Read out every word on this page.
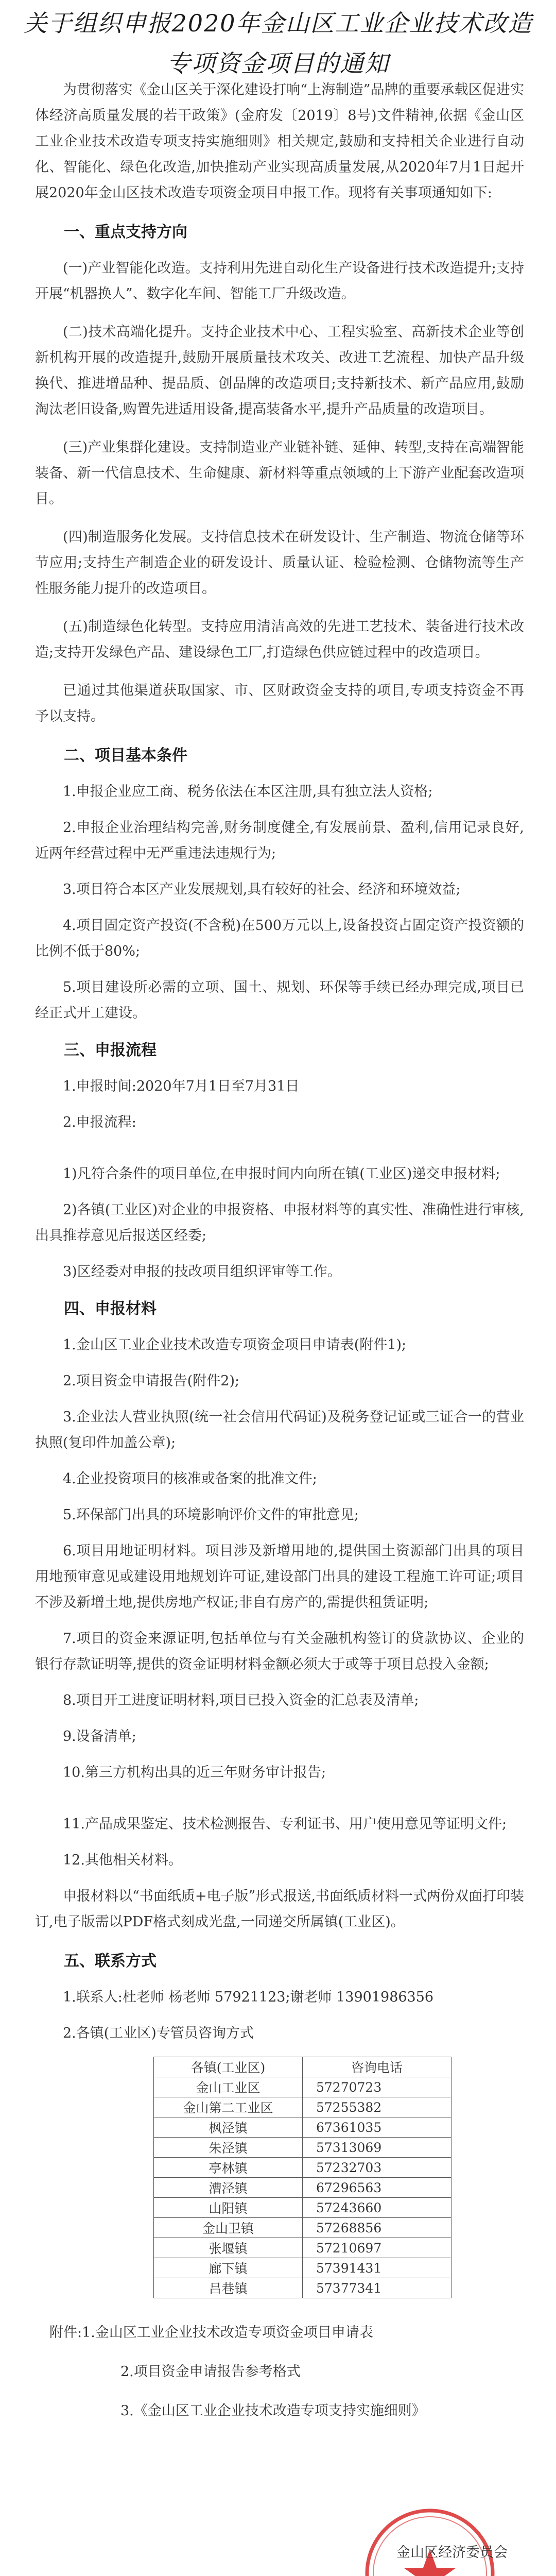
关于组织申报2020年金山区工业企业技术改造
专项资金项目的通知

为贯彻落实《金山区关于深化建设打响“上海制造”品牌的重要承载区促进实体经济高质量发展的若干政策》(金府发〔2019〕8号)文件精神,依据《金山区工业企业技术改造专项支持实施细则》相关规定,鼓励和支持相关企业进行自动化、智能化、绿色化改造,加快推动产业实现高质量发展,从2020年7月1日起开展2020年金山区技术改造专项资金项目申报工作。现将有关事项通知如下:

一、重点支持方向

(一)产业智能化改造。支持利用先进自动化生产设备进行技术改造提升;支持开展“机器换人”、数字化车间、智能工厂升级改造。

(二)技术高端化提升。支持企业技术中心、工程实验室、高新技术企业等创新机构开展的改造提升,鼓励开展质量技术攻关、改进工艺流程、加快产品升级换代、推进增品种、提品质、创品牌的改造项目;支持新技术、新产品应用,鼓励淘汰老旧设备,购置先进适用设备,提高装备水平,提升产品质量的改造项目。

(三)产业集群化建设。支持制造业产业链补链、延伸、转型,支持在高端智能装备、新一代信息技术、生命健康、新材料等重点领域的上下游产业配套改造项目。

(四)制造服务化发展。支持信息技术在研发设计、生产制造、物流仓储等环节应用;支持生产制造企业的研发设计、质量认证、检验检测、仓储物流等生产性服务能力提升的改造项目。

(五)制造绿色化转型。支持应用清洁高效的先进工艺技术、装备进行技术改造;支持开发绿色产品、建设绿色工厂,打造绿色供应链过程中的改造项目。

已通过其他渠道获取国家、市、区财政资金支持的项目,专项支持资金不再予以支持。

二、项目基本条件
1.申报企业应工商、税务依法在本区注册,具有独立法人资格;
2.申报企业治理结构完善,财务制度健全,有发展前景、盈利,信用记录良好,近两年经营过程中无严重违法违规行为;
3.项目符合本区产业发展规划,具有较好的社会、经济和环境效益;
4.项目固定资产投资(不含税)在500万元以上,设备投资占固定资产投资额的比例不低于80%;
5.项目建设所必需的立项、国土、规划、环保等手续已经办理完成,项目已经正式开工建设。
三、申报流程
1.申报时间:2020年7月1日至7月31日
2.申报流程:
1)凡符合条件的项目单位,在申报时间内向所在镇(工业区)递交申报材料;
2)各镇(工业区)对企业的申报资格、申报材料等的真实性、准确性进行审核,出具推荐意见后报送区经委;
3)区经委对申报的技改项目组织评审等工作。
四、申报材料
1.金山区工业企业技术改造专项资金项目申请表(附件1);
2.项目资金申请报告(附件2);
3.企业法人营业执照(统一社会信用代码证)及税务登记证或三证合一的营业执照(复印件加盖公章);
4.企业投资项目的核准或备案的批准文件;
5.环保部门出具的环境影响评价文件的审批意见;
6.项目用地证明材料。项目涉及新增用地的,提供国土资源部门出具的项目用地预审意见或建设用地规划许可证,建设部门出具的建设工程施工许可证;项目不涉及新增土地,提供房地产权证;非自有房产的,需提供租赁证明;
7.项目的资金来源证明,包括单位与有关金融机构签订的贷款协议、企业的银行存款证明等,提供的资金证明材料金额必须大于或等于项目总投入金额;
8.项目开工进度证明材料,项目已投入资金的汇总表及清单;
9.设备清单;
10.第三方机构出具的近三年财务审计报告;
11.产品成果鉴定、技术检测报告、专利证书、用户使用意见等证明文件;
12.其他相关材料。

申报材料以“书面纸质+电子版”形式报送,书面纸质材料一式两份双面打印装订,电子版需以PDF格式刻成光盘,一同递交所属镇(工业区)。

五、联系方式
1.联系人:杜老师 杨老师 57921123;谢老师 13901986356
2.各镇(工业区)专管员咨询方式
各镇(工业区)	咨询电话
金山工业区	57270723
金山第二工业区	57255382
枫泾镇	67361035
朱泾镇	57313069
亭林镇	57232703
漕泾镇	67296563
山阳镇	57243660
金山卫镇	57268856
张堰镇	57210697
廊下镇	57391431
吕巷镇	57377341
附件:1.金山区工业企业技术改造专项资金项目申请表
2.项目资金申请报告参考格式
3.《金山区工业企业技术改造专项支持实施细则》
金山区经济委员会
